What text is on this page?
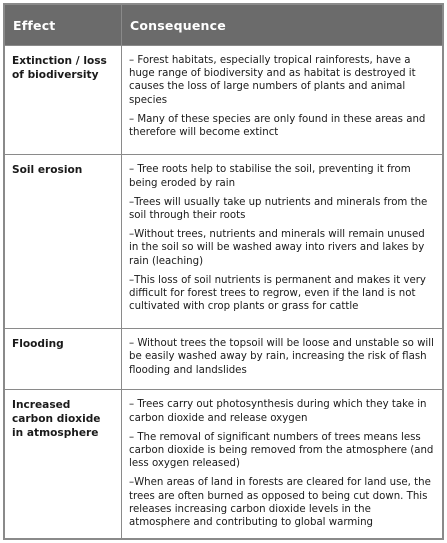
Effect	Consequence

Extinction / loss of biodiversity	– Forest habitats, especially tropical rainforests, have a huge range of biodiversity and as habitat is destroyed it causes the loss of large numbers of plants and animal species

– Many of these species are only found in these areas and therefore will become extinct

Soil erosion	– Tree roots help to stabilise the soil, preventing it from being eroded by rain

–Trees will usually take up nutrients and minerals from the soil through their roots

–Without trees, nutrients and minerals will remain unused in the soil so will be washed away into rivers and lakes by rain (leaching)

–This loss of soil nutrients is permanent and makes it very difficult for forest trees to regrow, even if the land is not cultivated with crop plants or grass for cattle

Flooding	– Without trees the topsoil will be loose and unstable so will be easily washed away by rain, increasing the risk of flash flooding and landslides

Increased carbon dioxide in atmosphere	– Trees carry out photosynthesis during which they take in carbon dioxide and release oxygen

– The removal of significant numbers of trees means less carbon dioxide is being removed from the atmosphere (and less oxygen released)

–When areas of land in forests are cleared for land use, the trees are often burned as opposed to being cut down. This releases increasing carbon dioxide levels in the atmosphere and contributing to global warming
